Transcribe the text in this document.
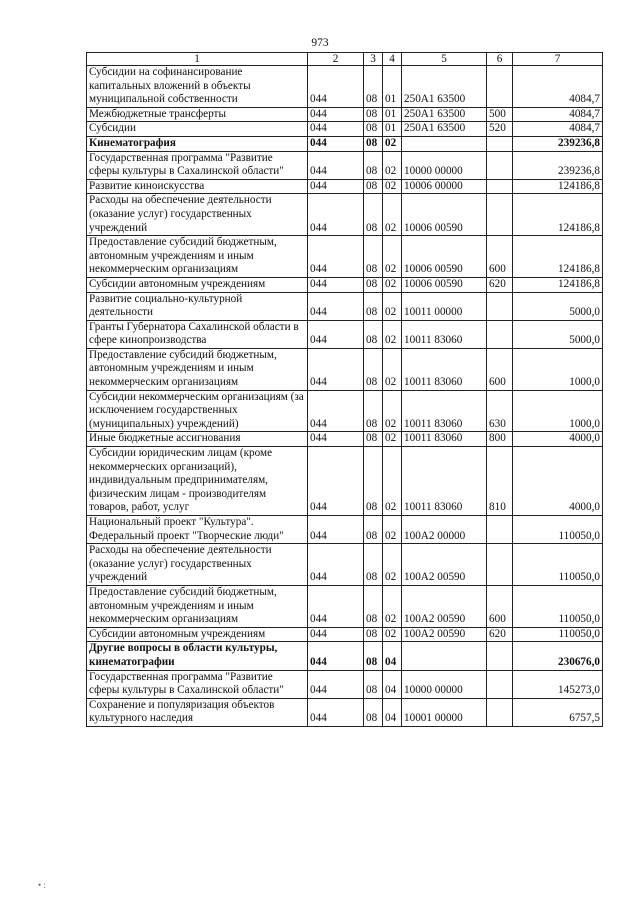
973
1	2	3	4	5	6	7
Субсидии на софинансирование капитальных вложений в объекты муниципальной собственности	044	08	01	250A1 63500		4084,7
Межбюджетные трансферты	044	08	01	250A1 63500	500	4084,7
Субсидии	044	08	01	250A1 63500	520	4084,7
Кинематография	044	08	02			239236,8
Государственная программа "Развитие сферы культуры в Сахалинской области"	044	08	02	10000 00000		239236,8
Развитие киноискусства	044	08	02	10006 00000		124186,8
Расходы на обеспечение деятельности (оказание услуг) государственных учреждений	044	08	02	10006 00590		124186,8
Предоставление субсидий бюджетным, автономным учреждениям и иным некоммерческим организациям	044	08	02	10006 00590	600	124186,8
Субсидии автономным учреждениям	044	08	02	10006 00590	620	124186,8
Развитие социально-культурной деятельности	044	08	02	10011 00000		5000,0
Гранты Губернатора Сахалинской области в сфере кинопроизводства	044	08	02	10011 83060		5000,0
Предоставление субсидий бюджетным, автономным учреждениям и иным некоммерческим организациям	044	08	02	10011 83060	600	1000,0
Субсидии некоммерческим организациям (за исключением государственных (муниципальных) учреждений)	044	08	02	10011 83060	630	1000,0
Иные бюджетные ассигнования	044	08	02	10011 83060	800	4000,0
Субсидии юридическим лицам (кроме некоммерческих организаций), индивидуальным предпринимателям, физическим лицам - производителям товаров, работ, услуг	044	08	02	10011 83060	810	4000,0
Национальный проект "Культура". Федеральный проект "Творческие люди"	044	08	02	100A2 00000		110050,0
Расходы на обеспечение деятельности (оказание услуг) государственных учреждений	044	08	02	100A2 00590		110050,0
Предоставление субсидий бюджетным, автономным учреждениям и иным некоммерческим организациям	044	08	02	100A2 00590	600	110050,0
Субсидии автономным учреждениям	044	08	02	100A2 00590	620	110050,0
Другие вопросы в области культуры, кинематографии	044	08	04			230676,0
Государственная программа "Развитие сферы культуры в Сахалинской области"	044	08	04	10000 00000		145273,0
Сохранение и популяризация объектов культурного наследия	044	08	04	10001 00000		6757,5
• :
